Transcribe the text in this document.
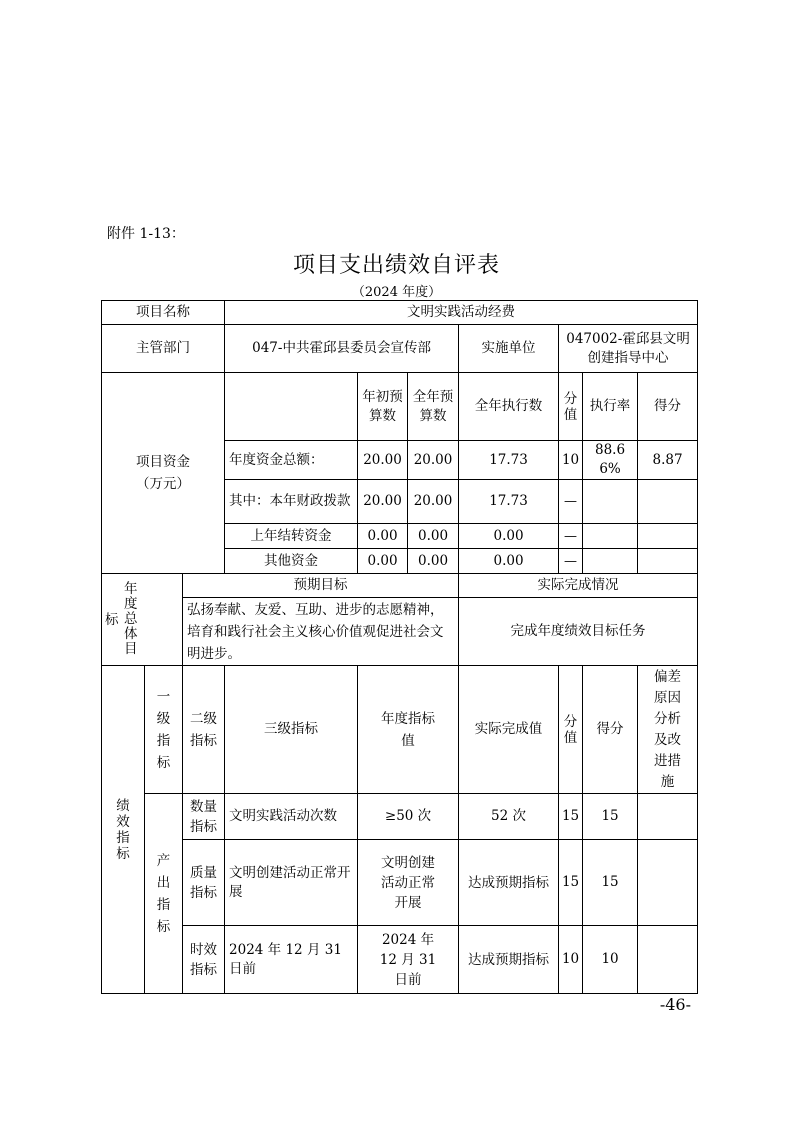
附件 1-13：
项目支出绩效自评表
（2024 年度）
项目名称			文明实践活动经费						
主管部门			047-中共霍邱县委员会宣传部			实施单位	047002-霍邱县文明创建指导中心		

项目资金（万元）				年初预算数	全年预算数	全年执行数	分值	执行率	得分
			年度资金总额：	20.00	20.00	17.73	10	88.66%	8.87
			其中：本年财政拨款	20.00	20.00	17.73	—		
			上年结转资金	0.00	0.00	0.00	—		
			其他资金	0.00	0.00	0.00	—		

标
年度总体目		预期目标				实际完成情况			
		弘扬奉献、友爱、互助、进步的志愿精神，培育和践行社会主义核心价值观促进社会文明进步。				完成年度绩效目标任务			

绩效指标	一级指标	二级指标	三级指标	年度指标值		实际完成值	分值	得分	偏差原因分析及改进措施

	产出指标	数量指标	文明实践活动次数	≥50 次		52 次	15	15	

		质量指标	文明创建活动正常开展	文明创建活动正常开展		达成预期指标	15	15	

		时效指标	2024 年 12 月 31 日前	2024 年 12 月 31 日前		达成预期指标	10	10	
-46-
